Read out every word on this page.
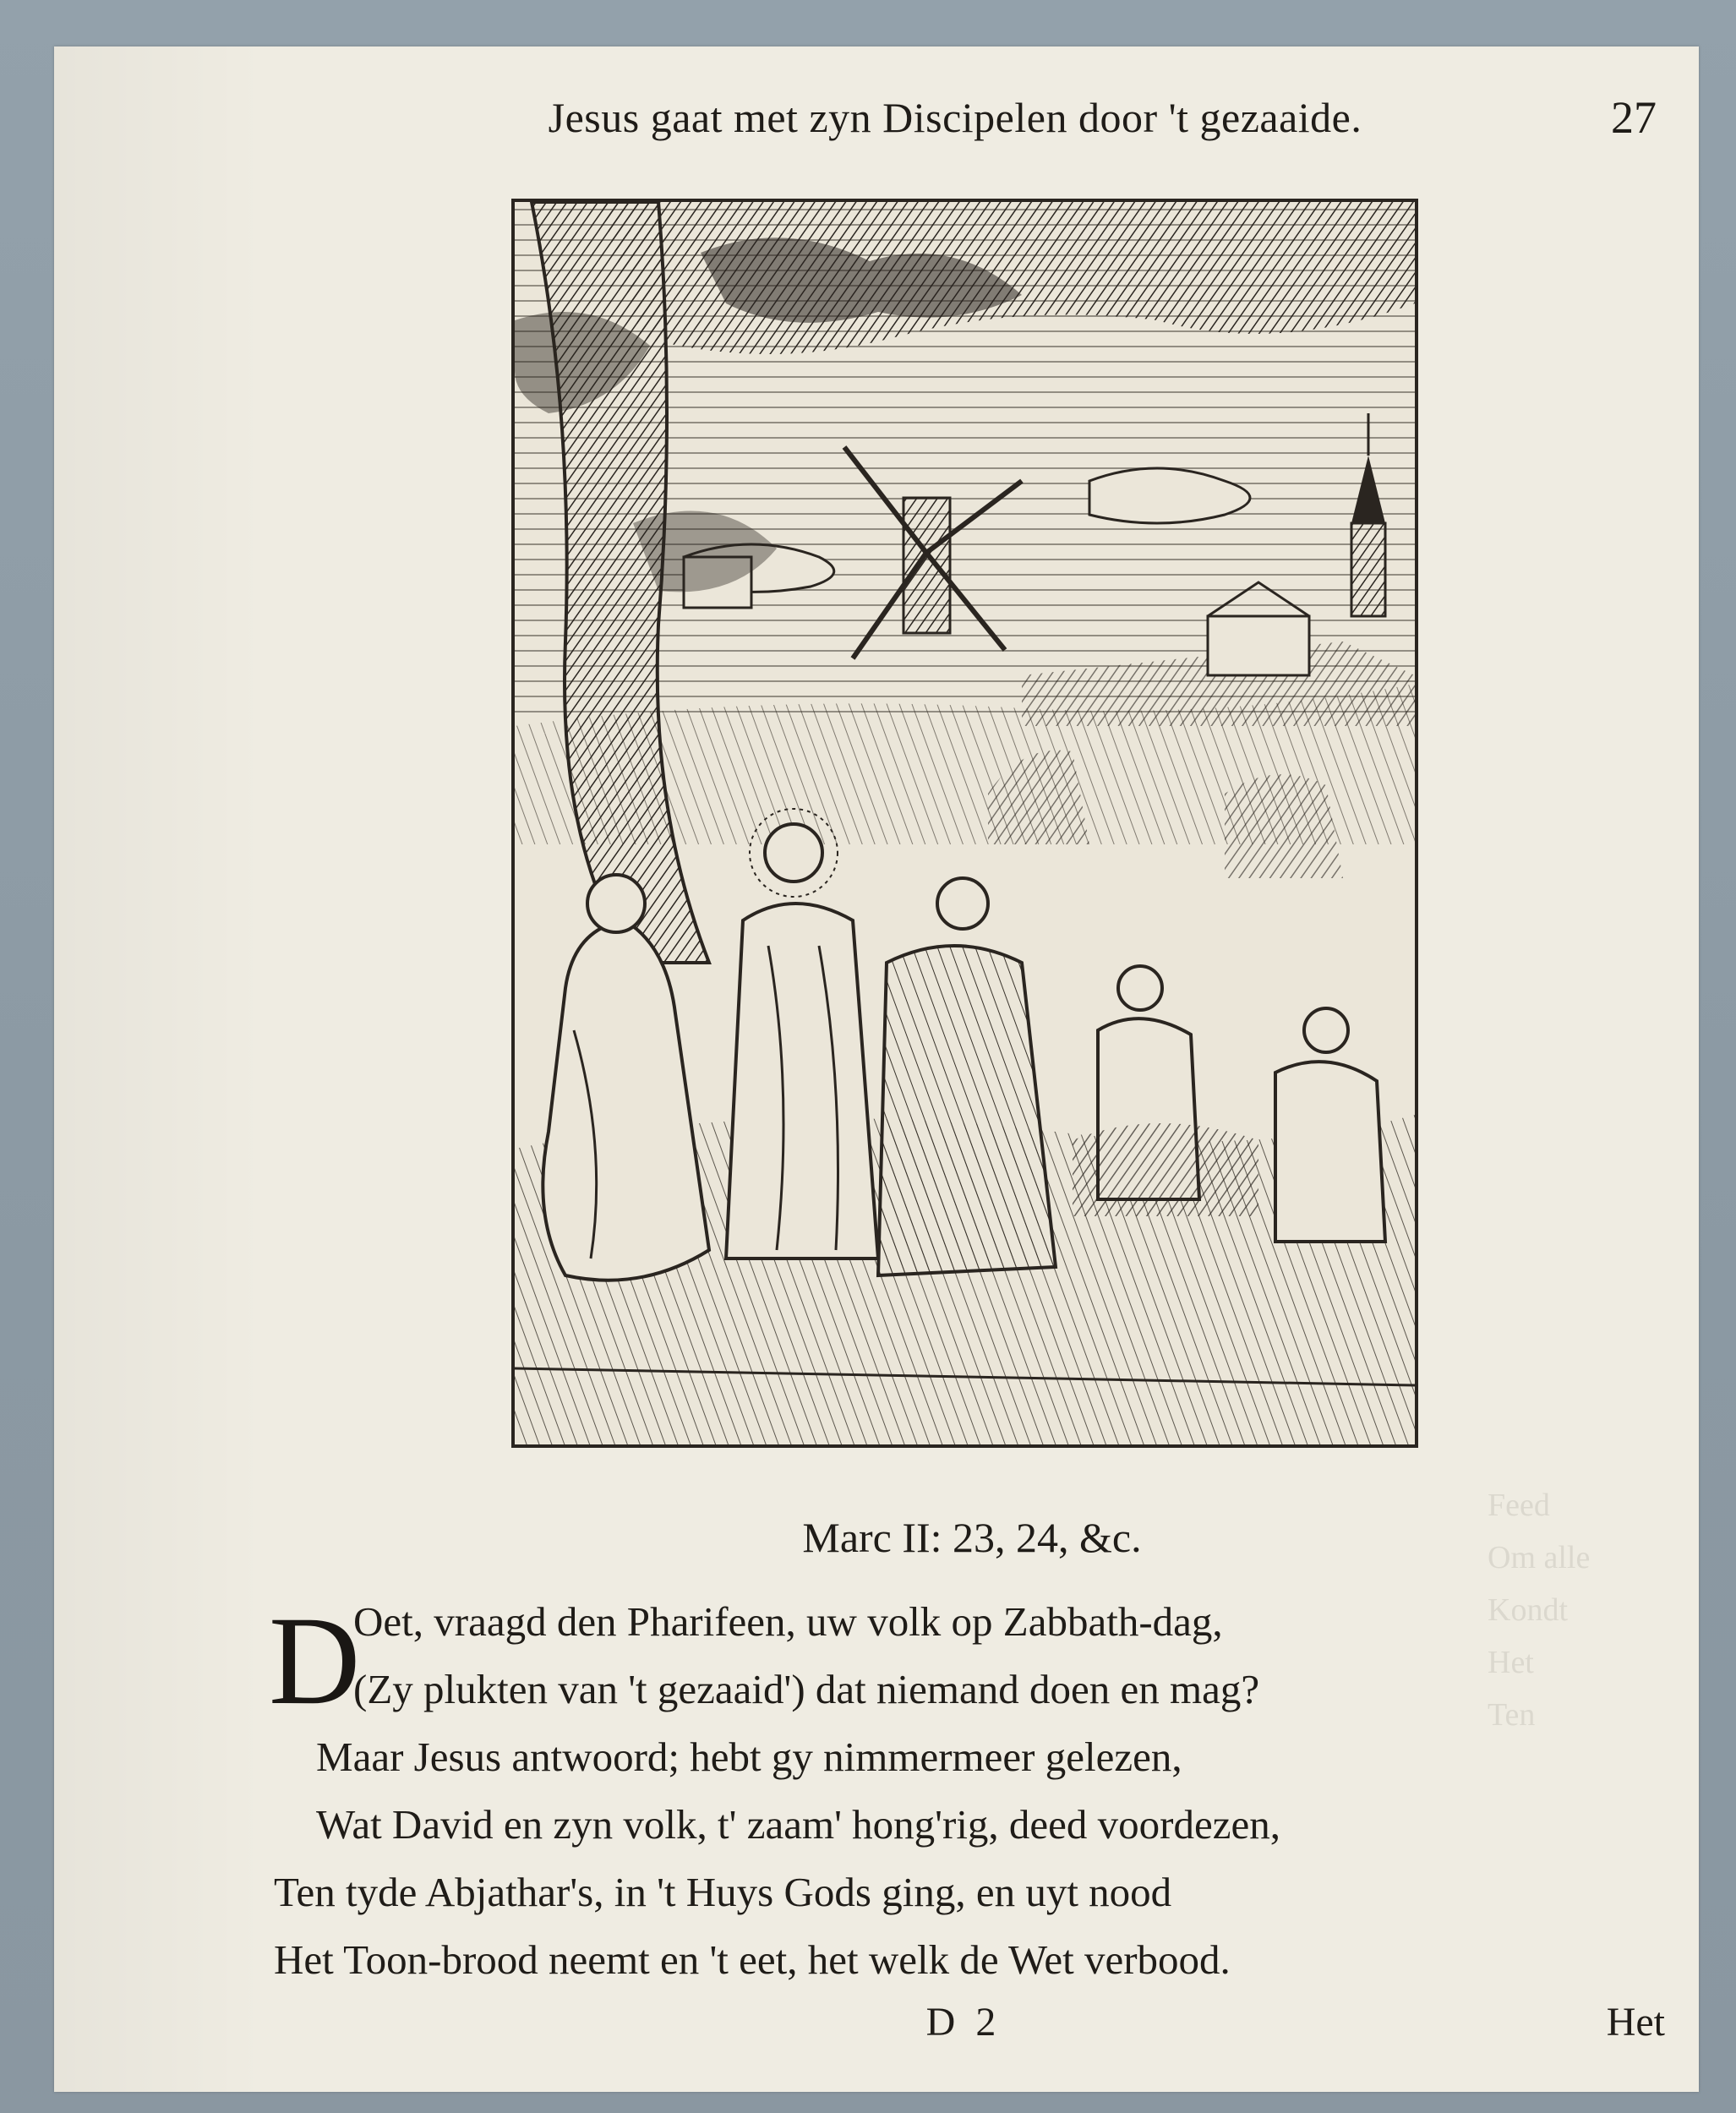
Feed
Om alle
Kondt
Het
Ten
Jesus gaat met zyn Discipelen door 't gezaaide.	27
Marc II: 23, 24, &c.
D
Oet, vraagd den Pharifeen, uw volk op Zabbath-dag,
(Zy plukten van 't gezaaid') dat niemand doen en mag?
Maar Jesus antwoord; hebt gy nimmermeer gelezen,
Wat David en zyn volk, t' zaam' hong'rig, deed voordezen,
Ten tyde Abjathar's, in 't Huys Gods ging, en uyt nood
Het Toon-brood neemt en 't eet, het welk de Wet verbood.
D 2	Het
